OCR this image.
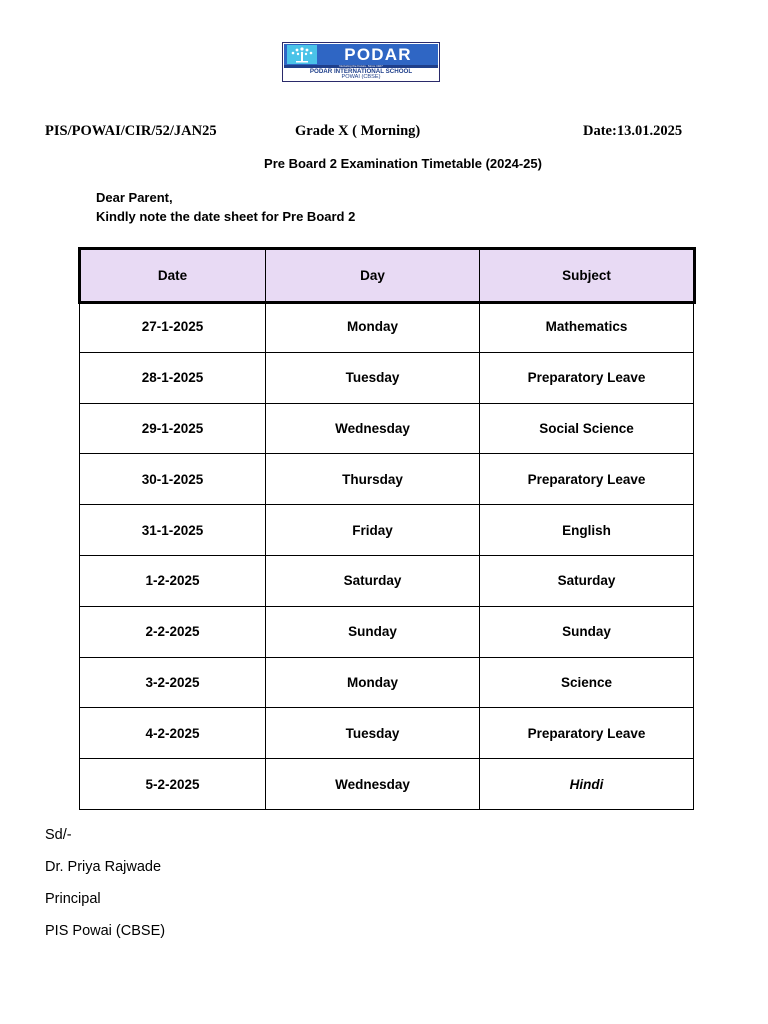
PODAR
Nurturing the Future. Since 1927
PODAR INTERNATIONAL SCHOOL
POWAI (CBSE)
PIS/POWAI/CIR/52/JAN25	Grade X ( Morning)	Date:13.01.2025
Pre Board 2 Examination Timetable (2024-25)
Dear Parent,
Kindly note the date sheet for Pre Board 2
Date	Day	Subject
27-1-2025	Monday	Mathematics
28-1-2025	Tuesday	Preparatory Leave
29-1-2025	Wednesday	Social Science
30-1-2025	Thursday	Preparatory Leave
31-1-2025	Friday	English
1-2-2025	Saturday	Saturday
2-2-2025	Sunday	Sunday
3-2-2025	Monday	Science
4-2-2025	Tuesday	Preparatory Leave
5-2-2025	Wednesday	Hindi
Sd/-
Dr. Priya Rajwade
Principal
PIS Powai (CBSE)
